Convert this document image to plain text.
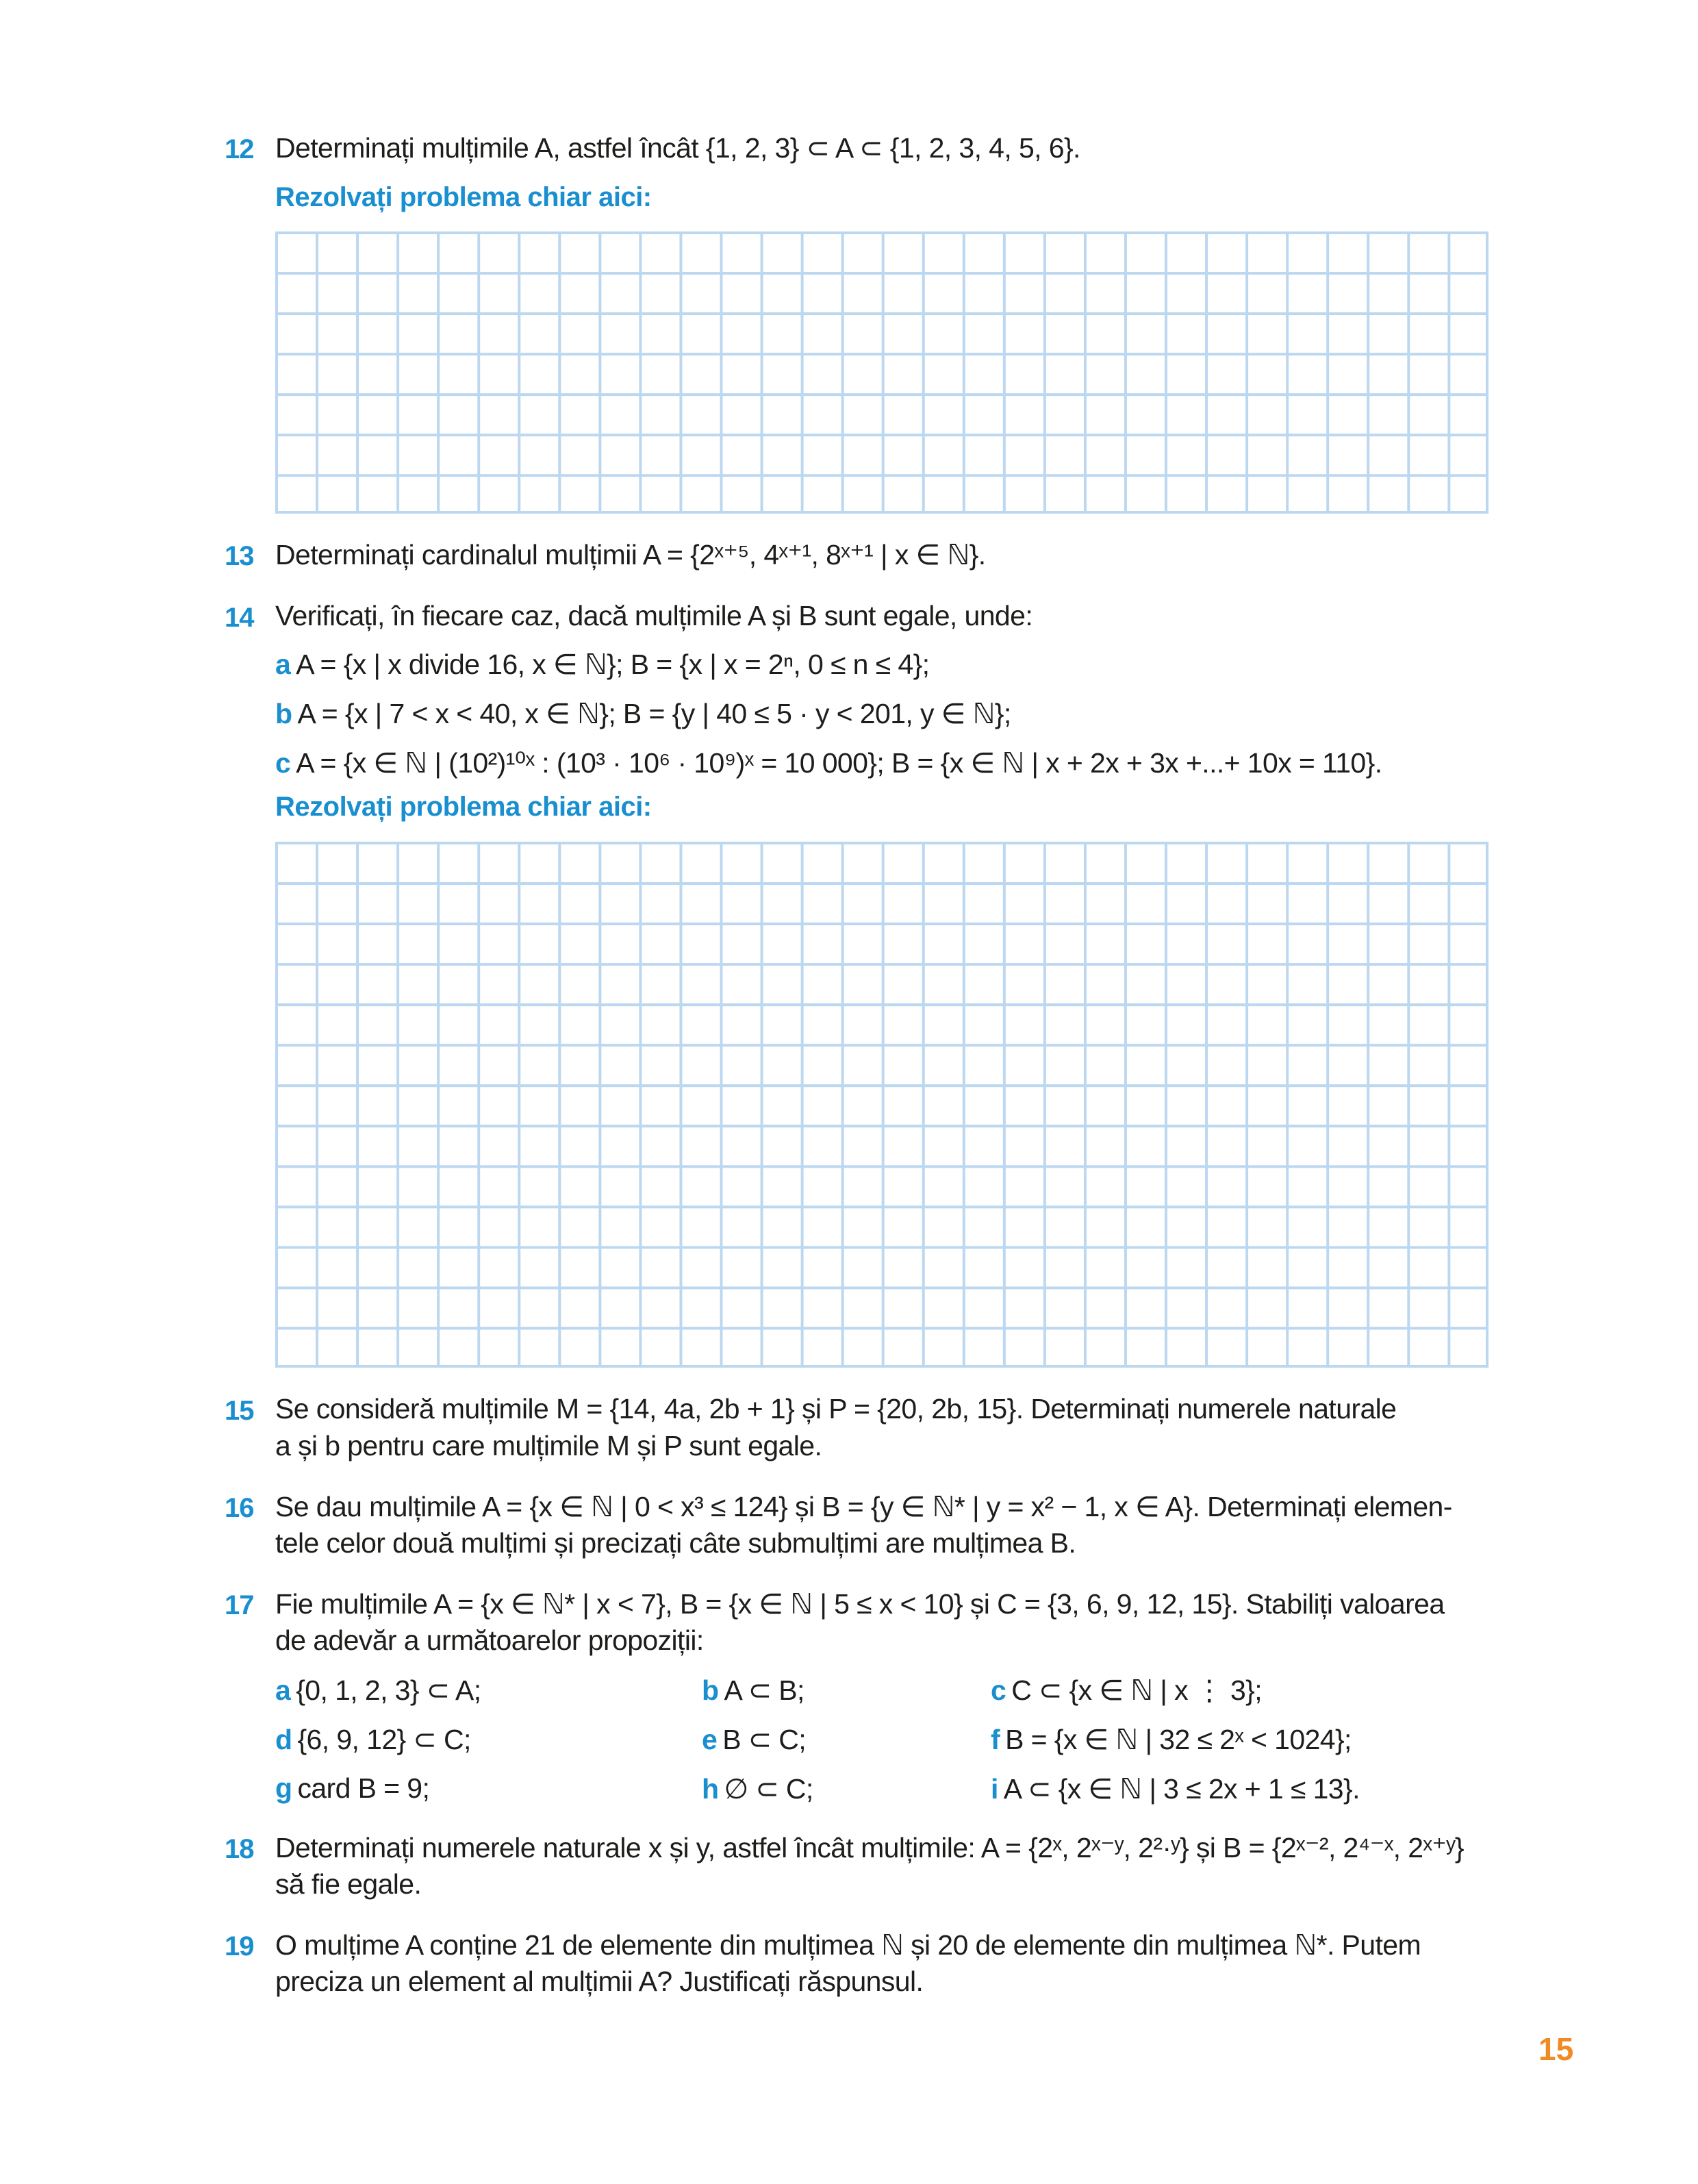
12 Determinați mulțimile A, astfel încât {1, 2, 3} ⊂ A ⊂ {1, 2, 3, 4, 5, 6}.
Rezolvați problema chiar aici:
13 Determinați cardinalul mulțimii A = {2ˣ⁺⁵, 4ˣ⁺¹, 8ˣ⁺¹ | x ∈ ℕ}.
14 Verificați, în fiecare caz, dacă mulțimile A și B sunt egale, unde:
a A = {x | x divide 16, x ∈ ℕ}; B = {x | x = 2ⁿ, 0 ≤ n ≤ 4};
b A = {x | 7 < x < 40, x ∈ ℕ}; B = {y | 40 ≤ 5 · y < 201, y ∈ ℕ};
c A = {x ∈ ℕ | (10²)¹⁰ˣ : (10³ · 10⁶ · 10⁹)ˣ = 10 000}; B = {x ∈ ℕ | x + 2x + 3x +...+ 10x = 110}.
Rezolvați problema chiar aici:
15 Se consideră mulțimile M = {14, 4a, 2b + 1} și P = {20, 2b, 15}. Determinați numerele naturale
a și b pentru care mulțimile M și P sunt egale.
16 Se dau mulțimile A = {x ∈ ℕ | 0 < x³ ≤ 124} și B = {y ∈ ℕ* | y = x² − 1, x ∈ A}. Determinați elemen-
tele celor două mulțimi și precizați câte submulțimi are mulțimea B.
17 Fie mulțimile A = {x ∈ ℕ* | x < 7}, B = {x ∈ ℕ | 5 ≤ x < 10} și C = {3, 6, 9, 12, 15}. Stabiliți valoarea
de adevăr a următoarelor propoziții:
a {0, 1, 2, 3} ⊂ A;	b A ⊂ B;	c C ⊂ {x ∈ ℕ | x ⋮ 3};
d {6, 9, 12} ⊂ C;	e B ⊂ C;	f B = {x ∈ ℕ | 32 ≤ 2ˣ < 1024};
g card B = 9;	h ∅ ⊂ C;	i A ⊂ {x ∈ ℕ | 3 ≤ 2x + 1 ≤ 13}.
18 Determinați numerele naturale x și y, astfel încât mulțimile: A = {2ˣ, 2ˣ⁻ʸ, 2²·ʸ} și B = {2ˣ⁻², 2⁴⁻ˣ, 2ˣ⁺ʸ}
să fie egale.
19 O mulțime A conține 21 de elemente din mulțimea ℕ și 20 de elemente din mulțimea ℕ*. Putem
preciza un element al mulțimii A? Justificați răspunsul.
15
